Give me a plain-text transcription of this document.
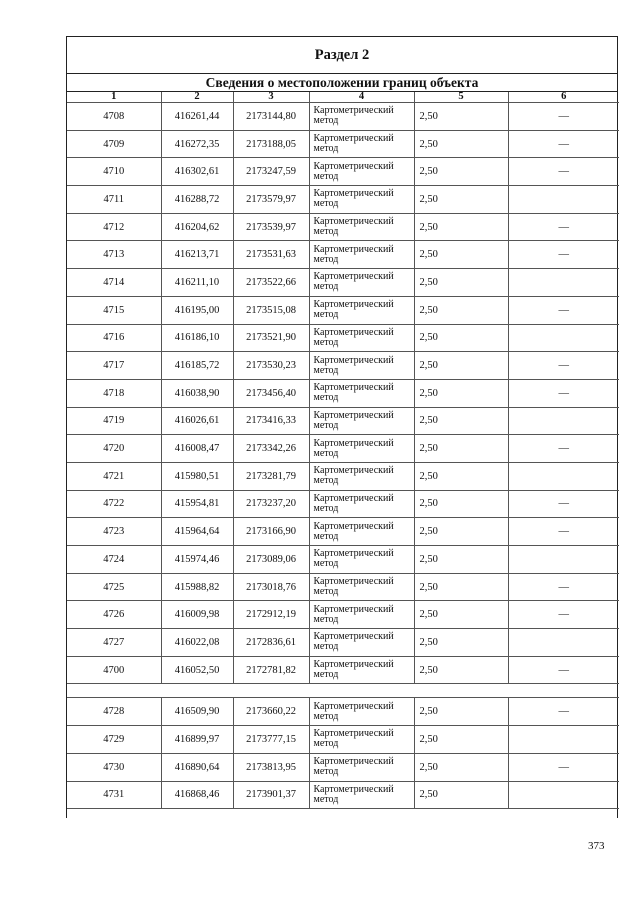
Раздел 2
Сведения о местоположении границ объекта
1	2	3	4	5	6
4708	416261,44	2173144,80	Картометрический метод	2,50	—
4709	416272,35	2173188,05	Картометрический метод	2,50	—
4710	416302,61	2173247,59	Картометрический метод	2,50	—
4711	416288,72	2173579,97	Картометрический метод	2,50	
4712	416204,62	2173539,97	Картометрический метод	2,50	—
4713	416213,71	2173531,63	Картометрический метод	2,50	—
4714	416211,10	2173522,66	Картометрический метод	2,50	
4715	416195,00	2173515,08	Картометрический метод	2,50	—
4716	416186,10	2173521,90	Картометрический метод	2,50	
4717	416185,72	2173530,23	Картометрический метод	2,50	—
4718	416038,90	2173456,40	Картометрический метод	2,50	—
4719	416026,61	2173416,33	Картометрический метод	2,50	
4720	416008,47	2173342,26	Картометрический метод	2,50	—
4721	415980,51	2173281,79	Картометрический метод	2,50	
4722	415954,81	2173237,20	Картометрический метод	2,50	—
4723	415964,64	2173166,90	Картометрический метод	2,50	—
4724	415974,46	2173089,06	Картометрический метод	2,50	
4725	415988,82	2173018,76	Картометрический метод	2,50	—
4726	416009,98	2172912,19	Картометрический метод	2,50	—
4727	416022,08	2172836,61	Картометрический метод	2,50	
4700	416052,50	2172781,82	Картометрический метод	2,50	—

4728	416509,90	2173660,22	Картометрический метод	2,50	—
4729	416899,97	2173777,15	Картометрический метод	2,50	
4730	416890,64	2173813,95	Картометрический метод	2,50	—
4731	416868,46	2173901,37	Картометрический метод	2,50	
373
